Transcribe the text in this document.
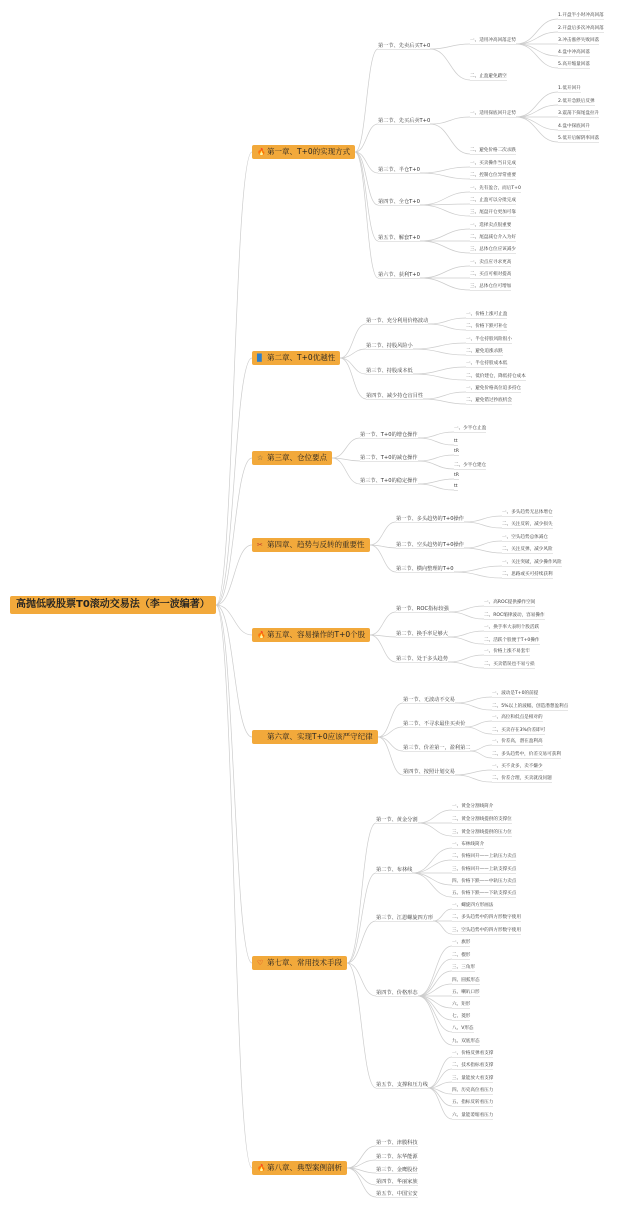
高抛低吸股票T0滚动交易法（李一波编著）
🔥第一章、T+0的实现方式
第一节、先卖后买T+0
一、适用冲高回落走势
1.开盘半小时冲高回落
2.开盘后多次冲高回落
3.冲击涨停失败回落
4.盘中冲高回落
5.高开缩量回落
二、止盈避免踏空
第二节、先买后卖T+0
一、适用探底回升走势
1.低开回升
2.低开急跌后反弹
3.震荡下探尾盘拉升
4.盘中探底回升
5.低开后解阴率回落
二、避免价格二次杀跌
第三节、半仓T+0
一、买卖操作当日完成
二、控制仓位异常重要
第四节、全仓T+0
一、先有盈合，而后T+0
二、止盈可以分批完成
三、尾盘开仓更加可靠
第五节、解套T+0
一、选择卖点很重要
二、尾盘减仓介入为好
三、总体仓位应该减少
第六节、获利T+0
一、卖点应寻求更高
二、买点可相对提高
三、总体仓位可增加
▉ 第二章、T+0优越性
第一节、充分利用价格波动
一、价格上涨可止盈
二、价格下跌可补仓
第二节、持股风险小
一、半仓持股风险很小
二、避免追涨杀跌
第三节、持股成本低
一、半仓持股成本低
二、低价建仓，降低持仓成本
第四节、减少持仓盲目性
一、避免价格高位追多持仓
二、避免错过抄底机会
☆ 第三章、仓位要点
第一节、T+0的增仓操作
一、少半仓止盈
tt
第二节、T+0的减仓操作
tR
二、少半仓建仓
第三节、T+0的稳定操作
tR
tt
✂ 第四章、趋势与反转的重要性
第一节、多头趋势的T+0操作
一、多头趋势无总体增仓
二、关注反转，减少损失
第二节、空头趋势的T+0操作
一、空头趋势总体减仓
二、关注反弹，减少风险
第三节、横向整理的T+0
一、关注突破，减少操作风险
二、思路或买可持续获利
🔥第五章、容易操作的T+0个股
第一节、ROC指标较强
一、高ROC提供操作空间
二、ROC缩律波动，容易操作
第二节、换手率足够大
一、换手率大表明个股活跃
二、活跃个股便于T+0操作
第三节、处于多头趋势
一、价格上涨不易套牢
二、买卖错误也不易亏损
☀ 第六章、实现T+0应该严守纪律
第一节、无波动不交易
一、波动是T+0的前提
二、5%以上的波幅，创造潜想盈利点
第二节、不寻求最佳买卖价
一、高位和低点是相对的
二、买卖存在3%价差即可
第三节、价差第一，盈利第二
一、价差高，潜在盈利高
二、多头趋势中，价差交易可获利
第四节、按照计划交易
一、买不贪多，卖不嫌少
二、价差合理，买卖就没问题
♡ 第七章、常用技术手段
第一节、黄金分割
一、黄金分割线简介
二、黄金分割线提供的支撑位
三、黄金分割线提供的压力位
第二节、布林线
一、布林线简介
二、价格回升——上轨压力卖点
三、价格回升——上轨支撑买点
四、价格下跌——中轨压力卖点
五、价格下跌——下轨支撑买点
第三节、江恩螺旋四方形
一、螺旋四方形画法
二、多头趋势中的四方形数字使用
三、空头趋势中的四方形数字使用
第四节、价格形态
一、旗形
二、楔形
三、三角形
四、圆弧形态
五、喇叭口形
六、矩形
七、菱形
八、V形态
九、双底形态
第五节、支撑和压力线
一、价格反弹看支撑
二、技术指标看支撑
三、量能放大看支撑
四、历史高位看压力
五、指标反转看压力
六、量能萎缩看压力
🔥第八章、典型案例剖析
第一节、津膜科技
第二节、东华能源
第三节、金鹰股份
第四节、华丽家族
第五节、中国宝安
